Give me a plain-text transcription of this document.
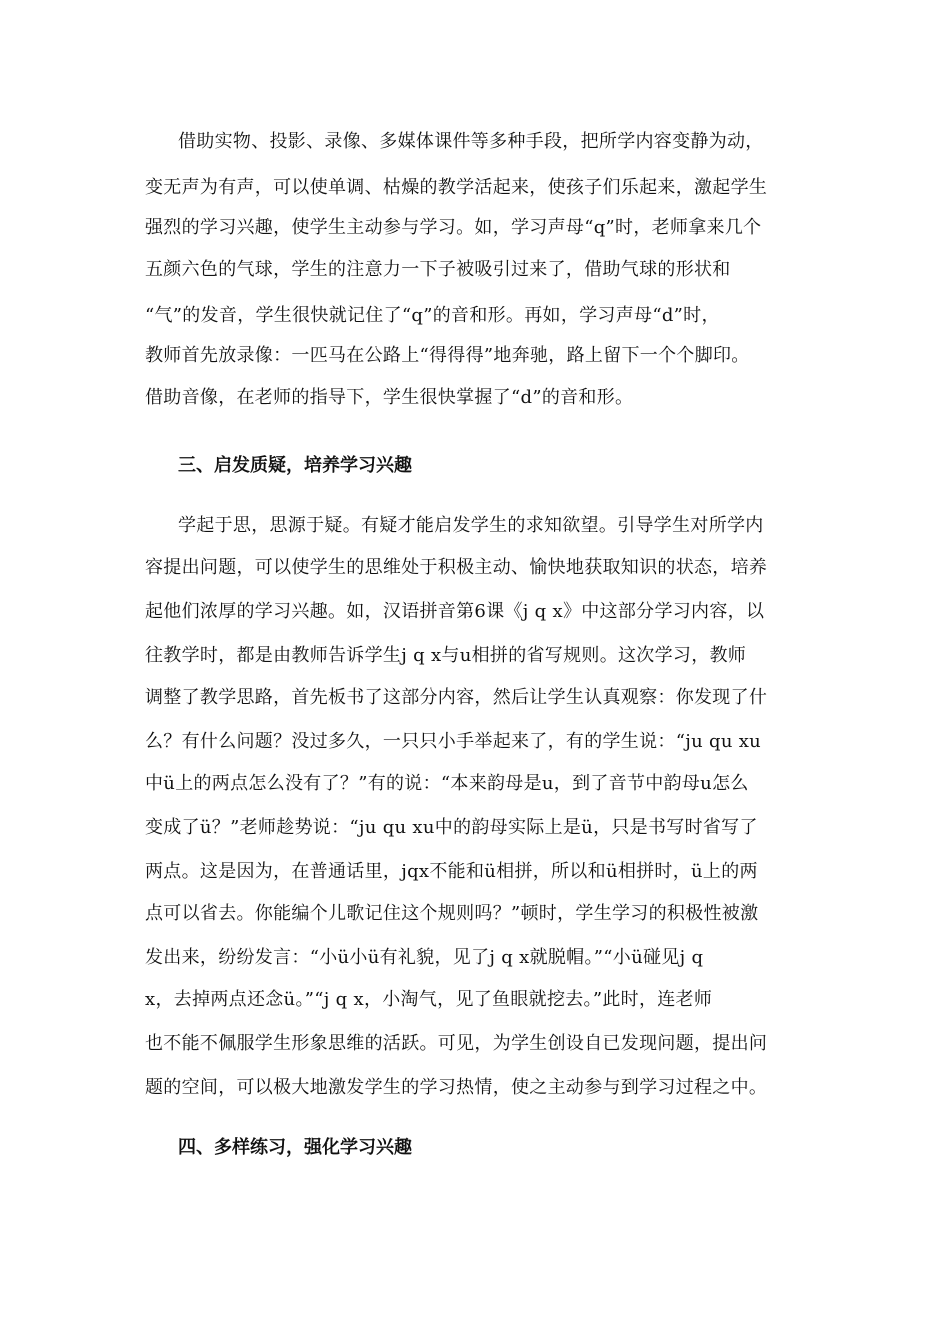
借助实物、投影、录像、多媒体课件等多种手段，把所学内容变静为动，
变无声为有声，可以使单调、枯燥的教学活起来，使孩子们乐起来，激起学生
强烈的学习兴趣，使学生主动参与学习。如，学习声母“q”时，老师拿来几个
五颜六色的气球，学生的注意力一下子被吸引过来了，借助气球的形状和
“气”的发音，学生很快就记住了“q”的音和形。再如，学习声母“d”时，
教师首先放录像：一匹马在公路上“得得得”地奔驰，路上留下一个个脚印。
借助音像，在老师的指导下，学生很快掌握了“d”的音和形。
三、启发质疑，培养学习兴趣
学起于思，思源于疑。有疑才能启发学生的求知欲望。引导学生对所学内
容提出问题，可以使学生的思维处于积极主动、愉快地获取知识的状态，培养
起他们浓厚的学习兴趣。如，汉语拼音第6课《j q x》中这部分学习内容，以
往教学时，都是由教师告诉学生j q x与u相拼的省写规则。这次学习，教师
调整了教学思路，首先板书了这部分内容，然后让学生认真观察：你发现了什
么？有什么问题？没过多久，一只只小手举起来了，有的学生说：“ju qu xu
中ü上的两点怎么没有了？”有的说：“本来韵母是u，到了音节中韵母u怎么
变成了ü？”老师趁势说：“ju qu xu中的韵母实际上是ü，只是书写时省写了
两点。这是因为，在普通话里，jqx不能和ü相拼，所以和ü相拼时，ü上的两
点可以省去。你能编个儿歌记住这个规则吗？”顿时，学生学习的积极性被激
发出来，纷纷发言：“小ü小ü有礼貌，见了j q x就脱帽。”“小ü碰见j q
x，去掉两点还念ü。”“j q x，小淘气，见了鱼眼就挖去。”此时，连老师
也不能不佩服学生形象思维的活跃。可见，为学生创设自已发现问题，提出问
题的空间，可以极大地激发学生的学习热情，使之主动参与到学习过程之中。
四、多样练习，强化学习兴趣
